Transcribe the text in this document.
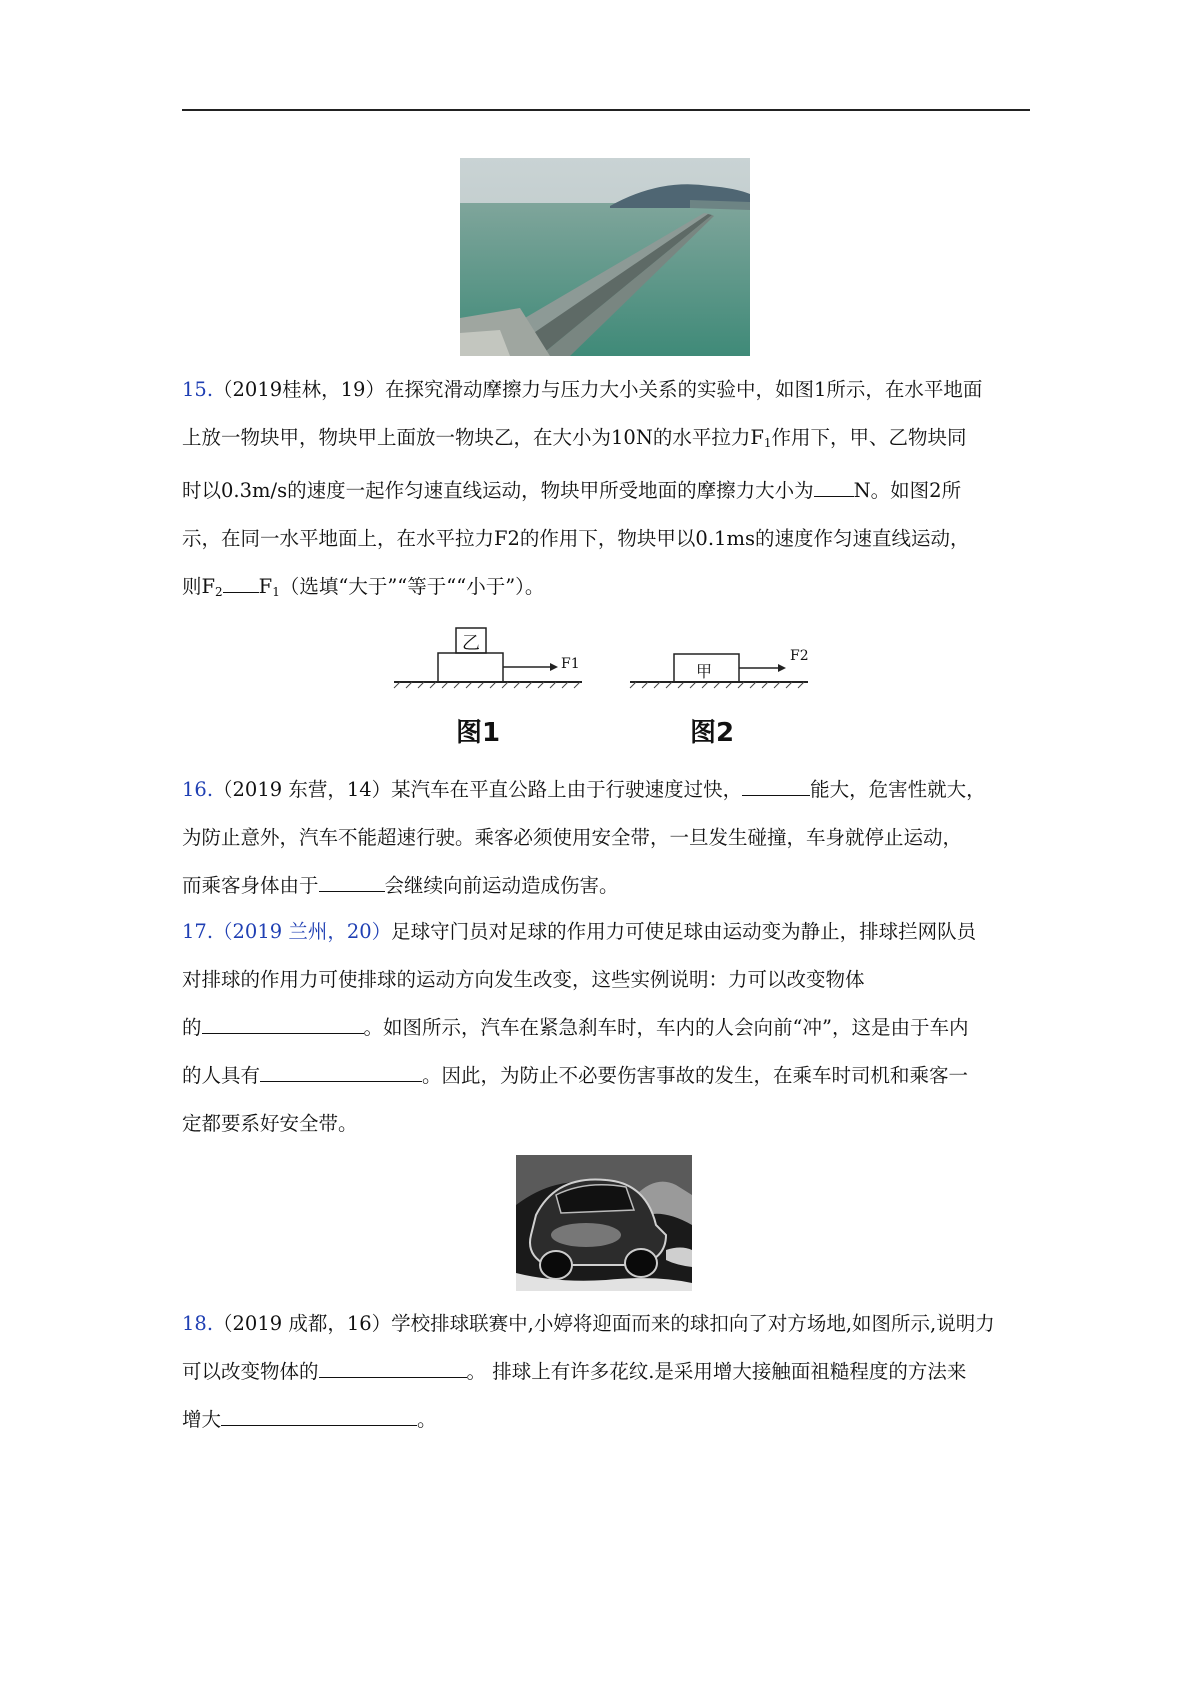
15.（2019桂林，19）在探究滑动摩擦力与压力大小关系的实验中，如图1所示，在水平地面
上放一物块甲，物块甲上面放一物块乙，在大小为10N的水平拉力$F_1$作用下，甲、乙物块同
时以0.3m/s的速度一起作匀速直线运动，物块甲所受地面的摩擦力大小为 N。如图2所
示，在同一水平地面上，在水平拉力F2的作用下，物块甲以0.1ms的速度作匀速直线运动，
则$F_2$ $F_1$（选填“大于”“等于““小于”）。
乙
F1
图1
甲
F2
图2
16.（2019 东营，14）某汽车在平直公路上由于行驶速度过快，	能大，危害性就大，
为防止意外，汽车不能超速行驶。乘客必须使用安全带，一旦发生碰撞，车身就停止运动，
而乘客身体由于	会继续向前运动造成伤害。
17.（2019 兰州，20）足球守门员对足球的作用力可使足球由运动变为静止，排球拦网队员
对排球的作用力可使排球的运动方向发生改变，这些实例说明：力可以改变物体
的	。如图所示，汽车在紧急刹车时，车内的人会向前“冲”，这是由于车内
的人具有	。因此，为防止不必要伤害事故的发生，在乘车时司机和乘客一
定都要系好安全带。
18.（2019 成都，16）学校排球联赛中,小婷将迎面而来的球扣向了对方场地,如图所示,说明力
可以改变物体的	。 排球上有许多花纹.是采用增大接触面祖糙程度的方法来
增大	。
